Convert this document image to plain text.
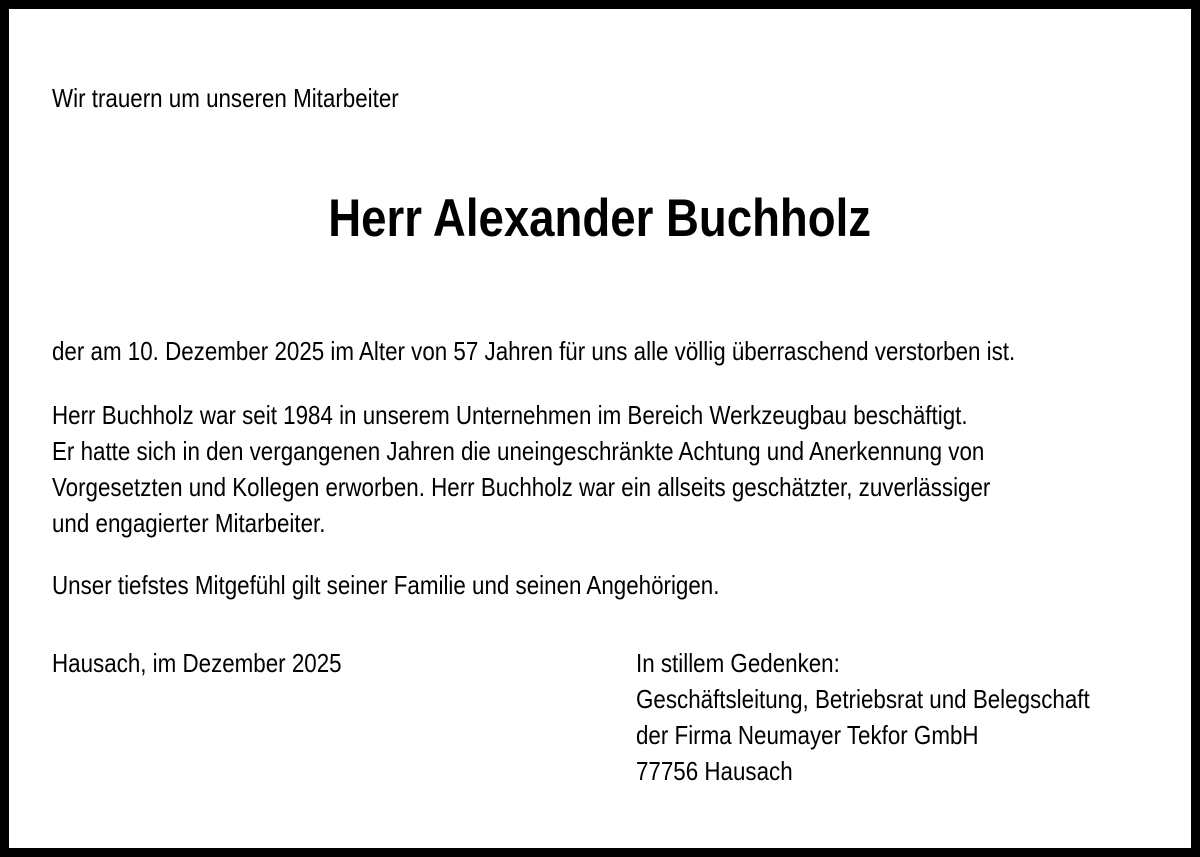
Wir trauern um unseren Mitarbeiter
Herr Alexander Buchholz

der am 10. Dezember 2025 im Alter von 57 Jahren für uns alle völlig überraschend verstorben ist.

Herr Buchholz war seit 1984 in unserem Unternehmen im Bereich Werkzeugbau beschäftigt.
Er hatte sich in den vergangenen Jahren die uneingeschränkte Achtung und Anerkennung von
Vorgesetzten und Kollegen erworben. Herr Buchholz war ein allseits geschätzter, zuverlässiger
und engagierter Mitarbeiter.

Unser tiefstes Mitgefühl gilt seiner Familie und seinen Angehörigen.

Hausach, im Dezember 2025	In stillem Gedenken:
Geschäftsleitung, Betriebsrat und Belegschaft
der Firma Neumayer Tekfor GmbH
77756 Hausach
